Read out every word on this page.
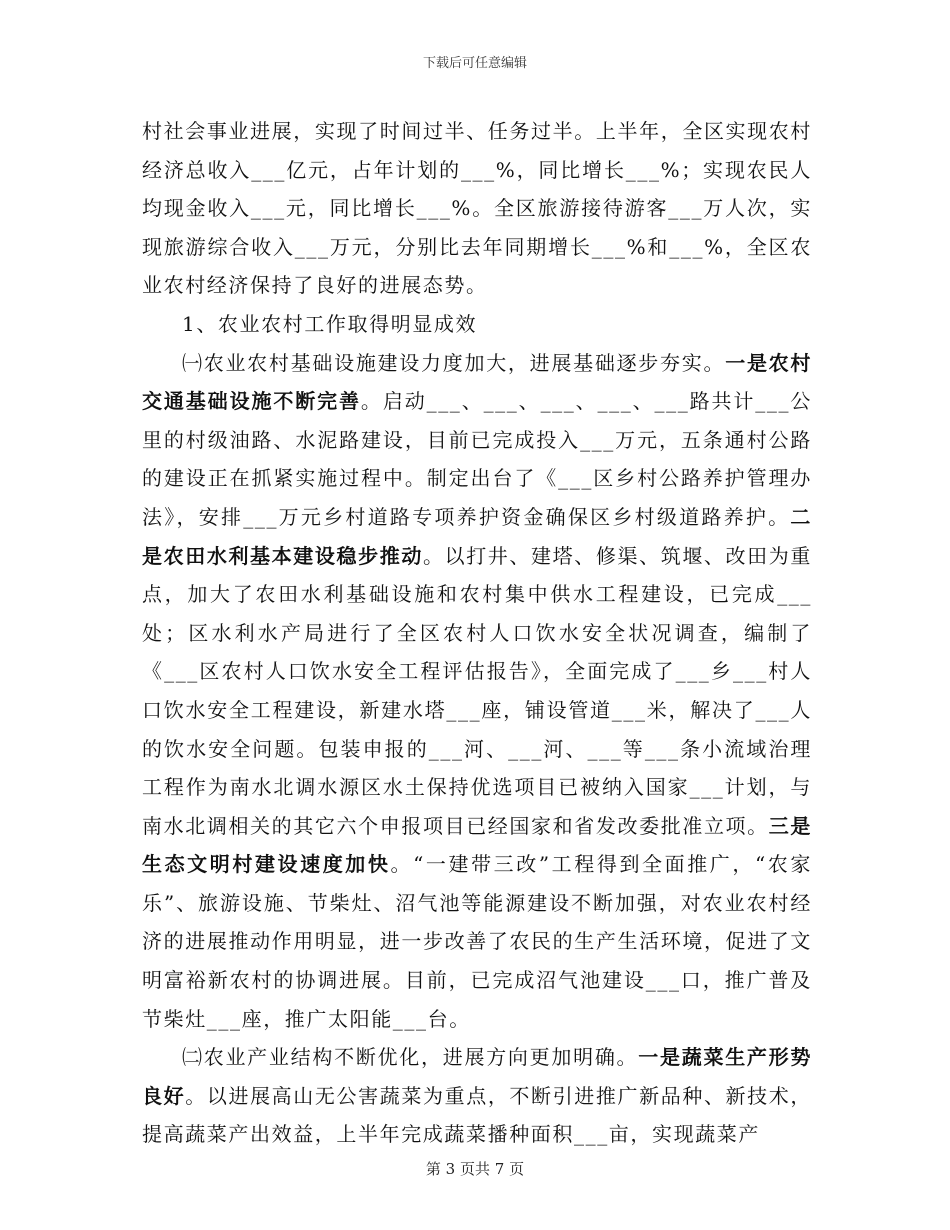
下载后可任意编辑

村社会事业进展，实现了时间过半、任务过半。上半年，全区实现农村经济总收入___亿元，占年计划的___%，同比增长___%；实现农民人均现金收入___元，同比增长___%。全区旅游接待游客___万人次，实现旅游综合收入___万元，分别比去年同期增长___%和___%，全区农业农村经济保持了良好的进展态势。

1、农业农村工作取得明显成效

㈠农业农村基础设施建设力度加大，进展基础逐步夯实。一是农村交通基础设施不断完善。启动___、___、___、___、___路共计___公里的村级油路、水泥路建设，目前已完成投入___万元，五条通村公路的建设正在抓紧实施过程中。制定出台了《___区乡村公路养护管理办法》，安排___万元乡村道路专项养护资金确保区乡村级道路养护。二是农田水利基本建设稳步推动。以打井、建塔、修渠、筑堰、改田为重点，加大了农田水利基础设施和农村集中供水工程建设，已完成___处；区水利水产局进行了全区农村人口饮水安全状况调查，编制了《___区农村人口饮水安全工程评估报告》，全面完成了___乡___村人口饮水安全工程建设，新建水塔___座，铺设管道___米，解决了___人的饮水安全问题。包装申报的___河、___河、___等___条小流域治理工程作为南水北调水源区水土保持优选项目已被纳入国家___计划，与南水北调相关的其它六个申报项目已经国家和省发改委批准立项。三是生态文明村建设速度加快。“一建带三改”工程得到全面推广，“农家乐”、旅游设施、节柴灶、沼气池等能源建设不断加强，对农业农村经济的进展推动作用明显，进一步改善了农民的生产生活环境，促进了文明富裕新农村的协调进展。目前，已完成沼气池建设___口，推广普及节柴灶___座，推广太阳能___台。

㈡农业产业结构不断优化，进展方向更加明确。一是蔬菜生产形势良好。以进展高山无公害蔬菜为重点，不断引进推广新品种、新技术，提高蔬菜产出效益，上半年完成蔬菜播种面积___亩，实现蔬菜产

第 3 页共 7 页
